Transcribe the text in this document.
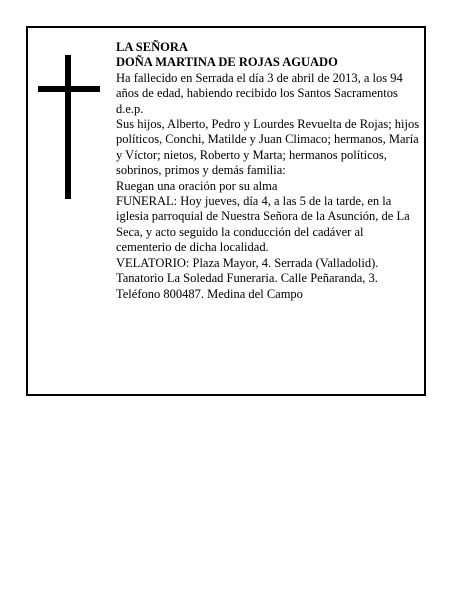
LA SEÑORA
DOÑA MARTINA DE ROJAS AGUADO
Ha fallecido en Serrada el día 3 de abril de 2013, a los 94 años de edad, habiendo recibido los Santos Sacramentos
d.e.p.
Sus hijos, Alberto, Pedro y Lourdes Revuelta de Rojas; hijos políticos, Conchi, Matilde y Juan Climaco; hermanos, María y Víctor; nietos, Roberto y Marta; hermanos políticos, sobrinos, primos y demás familia:
Ruegan una oración por su alma
FUNERAL: Hoy jueves, día 4, a las 5 de la tarde, en la iglesia parroquial de Nuestra Señora de la Asunción, de La Seca, y acto seguido la conducción del cadáver al cementerio de dicha localidad.
VELATORIO: Plaza Mayor, 4. Serrada (Valladolid).
Tanatorio La Soledad Funeraria. Calle Peñaranda, 3. Teléfono 800487. Medina del Campo
